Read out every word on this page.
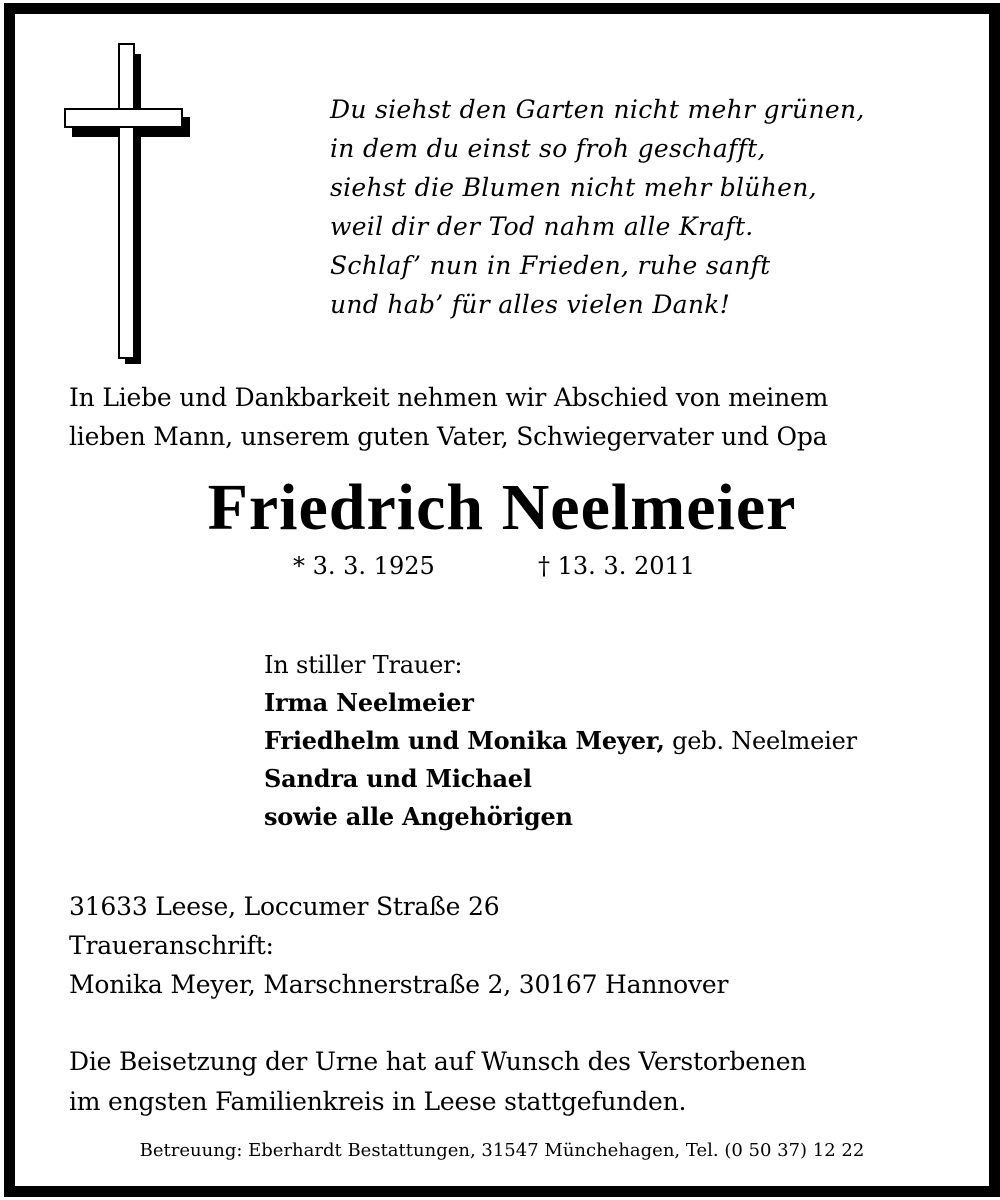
Du siehst den Garten nicht mehr grünen,
in dem du einst so froh geschafft,
siehst die Blumen nicht mehr blühen,
weil dir der Tod nahm alle Kraft.
Schlaf’ nun in Frieden, ruhe sanft
und hab’ für alles vielen Dank!
In Liebe und Dankbarkeit nehmen wir Abschied von meinem
lieben Mann, unserem guten Vater, Schwiegervater und Opa
Friedrich Neelmeier
* 3. 3. 1925	† 13. 3. 2011
In stiller Trauer:
Irma Neelmeier
Friedhelm und Monika Meyer, geb. Neelmeier
Sandra und Michael
sowie alle Angehörigen
31633 Leese, Loccumer Straße 26
Traueranschrift:
Monika Meyer, Marschnerstraße 2, 30167 Hannover
Die Beisetzung der Urne hat auf Wunsch des Verstorbenen
im engsten Familienkreis in Leese stattgefunden.
Betreuung: Eberhardt Bestattungen, 31547 Münchehagen, Tel. (0 50 37) 12 22
